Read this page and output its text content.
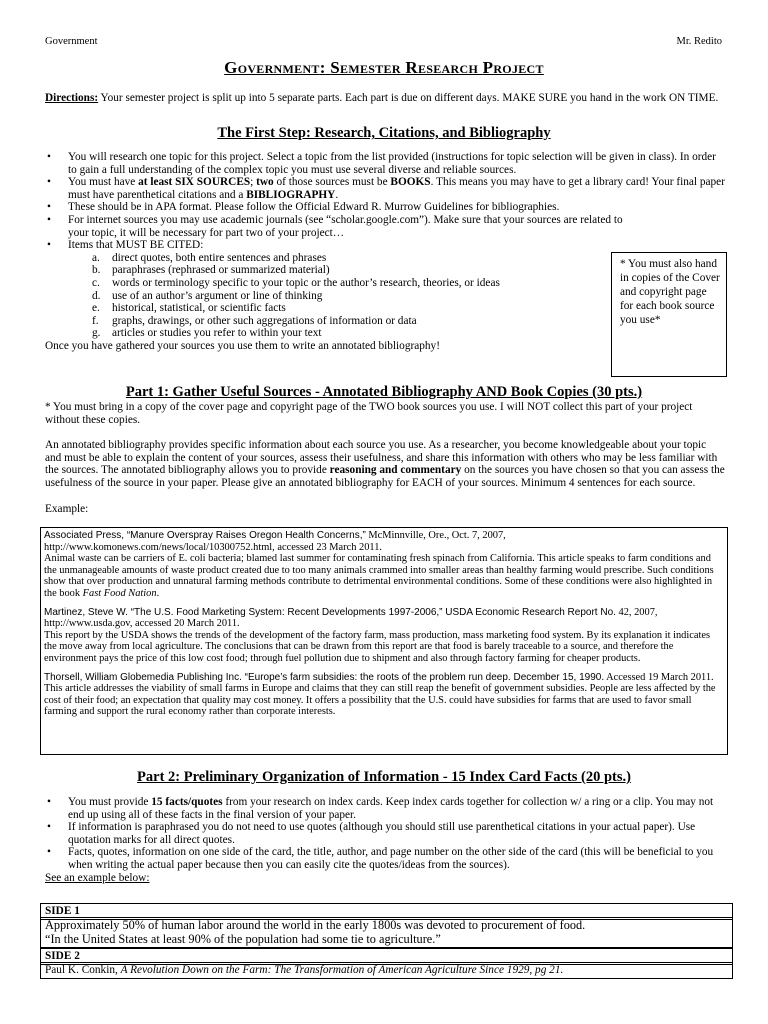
Government	Mr. Redito
Government: Semester Research Project
Directions: Your semester project is split up into 5 separate parts. Each part is due on different days. MAKE SURE you hand in the work ON TIME.
The First Step: Research, Citations, and Bibliography
• You will research one topic for this project. Select a topic from the list provided (instructions for topic selection will be given in class). In order to gain a full understanding of the complex topic you must use several diverse and reliable sources.
• You must have at least SIX SOURCES; two of those sources must be BOOKS. This means you may have to get a library card! Your final paper must have parenthetical citations and a BIBLIOGRAPHY.
• These should be in APA format. Please follow the Official Edward R. Murrow Guidelines for bibliographies.
• For internet sources you may use academic journals (see “scholar.google.com”). Make sure that your sources are related to your topic, it will be necessary for part two of your project…
• Items that MUST BE CITED:
a. direct quotes, both entire sentences and phrases
b. paraphrases (rephrased or summarized material)
c. words or terminology specific to your topic or the author’s research, theories, or ideas
d. use of an author’s argument or line of thinking
e. historical, statistical, or scientific facts
f. graphs, drawings, or other such aggregations of information or data
g. articles or studies you refer to within your text
Once you have gathered your sources you use them to write an annotated bibliography!
* You must also hand in copies of the Cover and copyright page for each book source you use*
Part 1: Gather Useful Sources - Annotated Bibliography AND Book Copies (30 pts.)
* You must bring in a copy of the cover page and copyright page of the TWO book sources you use. I will NOT collect this part of your project without these copies.
An annotated bibliography provides specific information about each source you use. As a researcher, you become knowledgeable about your topic and must be able to explain the content of your sources, assess their usefulness, and share this information with others who may be less familiar with the sources. The annotated bibliography allows you to provide reasoning and commentary on the sources you have chosen so that you can assess the usefulness of the source in your paper. Please give an annotated bibliography for EACH of your sources. Minimum 4 sentences for each source.
Example:

Associated Press, “Manure Overspray Raises Oregon Health Concerns,” McMinnville, Ore., Oct. 7, 2007, http://www.komonews.com/news/local/10300752.html, accessed 23 March 2011.
Animal waste can be carriers of E. coli bacteria; blamed last summer for contaminating fresh spinach from California. This article speaks to farm conditions and the unmanageable amounts of waste product created due to too many animals crammed into smaller areas than healthy farming would prescribe. Such conditions show that over production and unnatural farming methods contribute to detrimental environmental conditions. Some of these conditions were also highlighted in the book Fast Food Nation.

Martinez, Steve W. “The U.S. Food Marketing System: Recent Developments 1997-2006,” USDA Economic Research Report No. 42, 2007, http://www.usda.gov, accessed 20 March 2011.
This report by the USDA shows the trends of the development of the factory farm, mass production, mass marketing food system. By its explanation it indicates the move away from local agriculture. The conclusions that can be drawn from this report are that food is barely traceable to a source, and therefore the environment pays the price of this low cost food; through fuel pollution due to shipment and also through factory farming for cheaper products.

Thorsell, William Globemedia Publishing Inc. “Europe’s farm subsidies: the roots of the problem run deep. December 15, 1990. Accessed 19 March 2011.
This article addresses the viability of small farms in Europe and claims that they can still reap the benefit of government subsidies. People are less affected by the cost of their food; an expectation that quality may cost money. It offers a possibility that the U.S. could have subsidies for farms that are used to favor small farming and support the rural economy rather than corporate interests.

Part 2: Preliminary Organization of Information - 15 Index Card Facts (20 pts.)
• You must provide 15 facts/quotes from your research on index cards. Keep index cards together for collection w/ a ring or a clip. You may not end up using all of these facts in the final version of your paper.
• If information is paraphrased you do not need to use quotes (although you should still use parenthetical citations in your actual paper). Use quotation marks for all direct quotes.
• Facts, quotes, information on one side of the card, the title, author, and page number on the other side of the card (this will be beneficial to you when writing the actual paper because then you can easily cite the quotes/ideas from the sources).
See an example below:
SIDE 1
Approximately 50% of human labor around the world in the early 1800s was devoted to procurement of food.
“In the United States at least 90% of the population had some tie to agriculture.”
SIDE 2
Paul K. Conkin, A Revolution Down on the Farm: The Transformation of American Agriculture Since 1929, pg 21.
